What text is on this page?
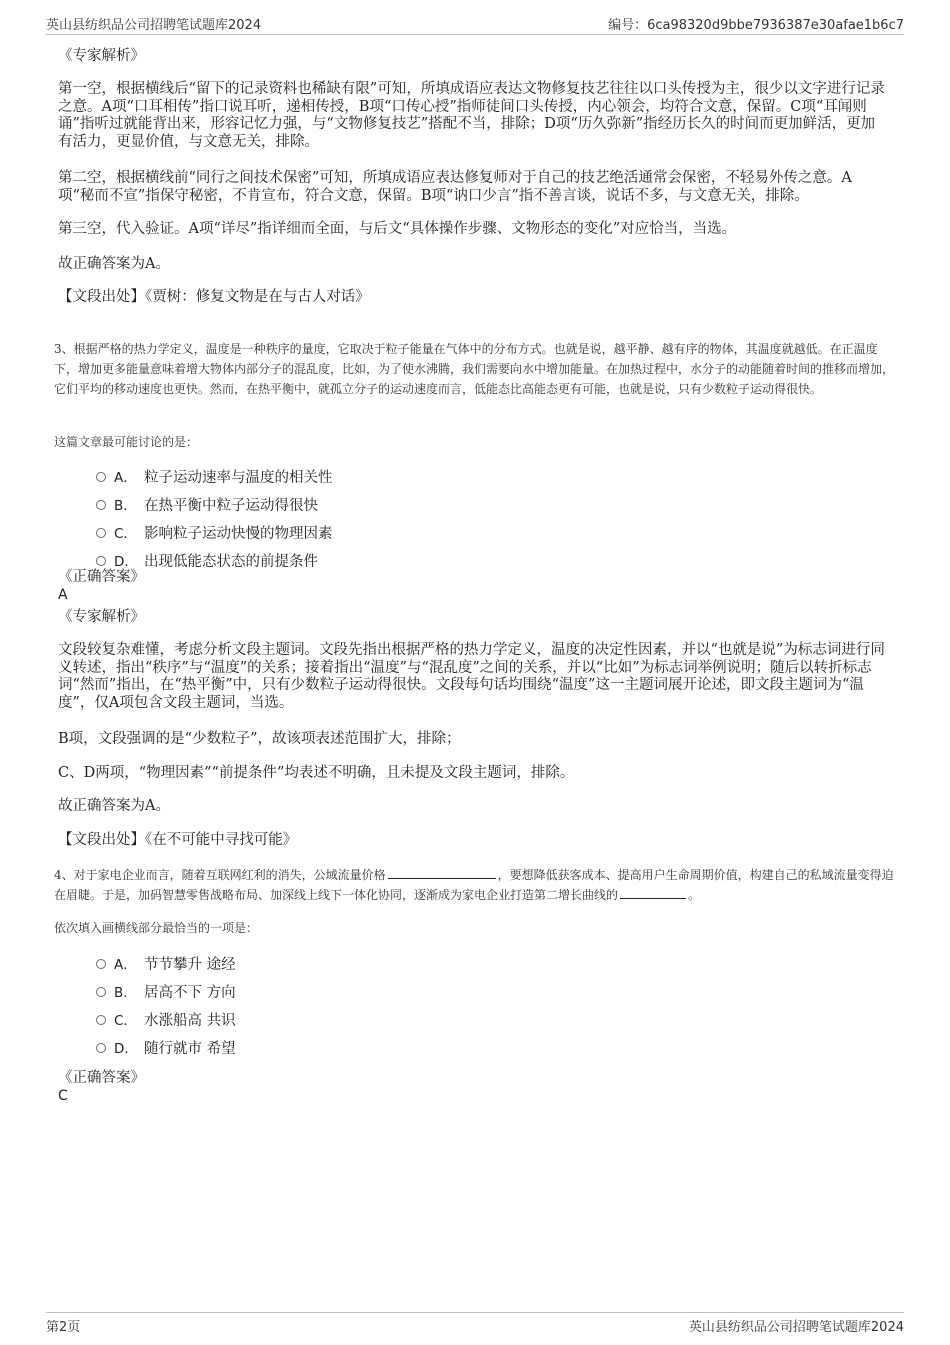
英山县纺织品公司招聘笔试题库2024	编号：6ca98320d9bbe7936387e30afae1b6c7
《专家解析》
第一空，根据横线后“留下的记录资料也稀缺有限”可知，所填成语应表达文物修复技艺往往以口头传授为主，很少以文字进行记录之意。A项“口耳相传”指口说耳听，递相传授，B项“口传心授”指师徒间口头传授，内心领会，均符合文意，保留。C项“耳闻则诵”指听过就能背出来，形容记忆力强，与“文物修复技艺”搭配不当，排除；D项“历久弥新”指经历长久的时间而更加鲜活，更加有活力，更显价值，与文意无关，排除。
第二空，根据横线前“同行之间技术保密”可知，所填成语应表达修复师对于自己的技艺绝活通常会保密，不轻易外传之意。A项“秘而不宣”指保守秘密，不肯宣布，符合文意，保留。B项“讷口少言”指不善言谈，说话不多，与文意无关，排除。
第三空，代入验证。A项“详尽”指详细而全面，与后文“具体操作步骤、文物形态的变化”对应恰当，当选。
故正确答案为A。
【文段出处】《贾树：修复文物是在与古人对话》
3、根据严格的热力学定义，温度是一种秩序的量度，它取决于粒子能量在气体中的分布方式。也就是说，越平静、越有序的物体，其温度就越低。在正温度下，增加更多能量意味着增大物体内部分子的混乱度，比如，为了使水沸腾，我们需要向水中增加能量。在加热过程中，水分子的动能随着时间的推移而增加，它们平均的移动速度也更快。然而，在热平衡中，就孤立分子的运动速度而言，低能态比高能态更有可能，也就是说，只有少数粒子运动得很快。
这篇文章最可能讨论的是：
A． 粒子运动速率与温度的相关性
B． 在热平衡中粒子运动得很快
C． 影响粒子运动快慢的物理因素
D． 出现低能态状态的前提条件
《正确答案》
A
《专家解析》
文段较复杂难懂，考虑分析文段主题词。文段先指出根据严格的热力学定义，温度的决定性因素，并以“也就是说”为标志词进行同义转述，指出“秩序”与“温度”的关系；接着指出“温度”与“混乱度”之间的关系，并以“比如”为标志词举例说明；随后以转折标志词“然而”指出，在“热平衡”中，只有少数粒子运动得很快。文段每句话均围绕“温度”这一主题词展开论述，即文段主题词为“温度”，仅A项包含文段主题词，当选。
B项，文段强调的是“少数粒子”，故该项表述范围扩大，排除；
C、D两项，“物理因素”“前提条件”均表述不明确，且未提及文段主题词，排除。
故正确答案为A。
【文段出处】《在不可能中寻找可能》
4、对于家电企业而言，随着互联网红利的消失，公域流量价格	，要想降低获客成本、提高用户生命周期价值，构建自己的私域流量变得迫在眉睫。于是，加码智慧零售战略布局、加深线上线下一体化协同，逐渐成为家电企业打造第二增长曲线的	。
依次填入画横线部分最恰当的一项是：
A． 节节攀升 途经
B． 居高不下 方向
C． 水涨船高 共识
D． 随行就市 希望
《正确答案》
C
第2页	英山县纺织品公司招聘笔试题库2024
